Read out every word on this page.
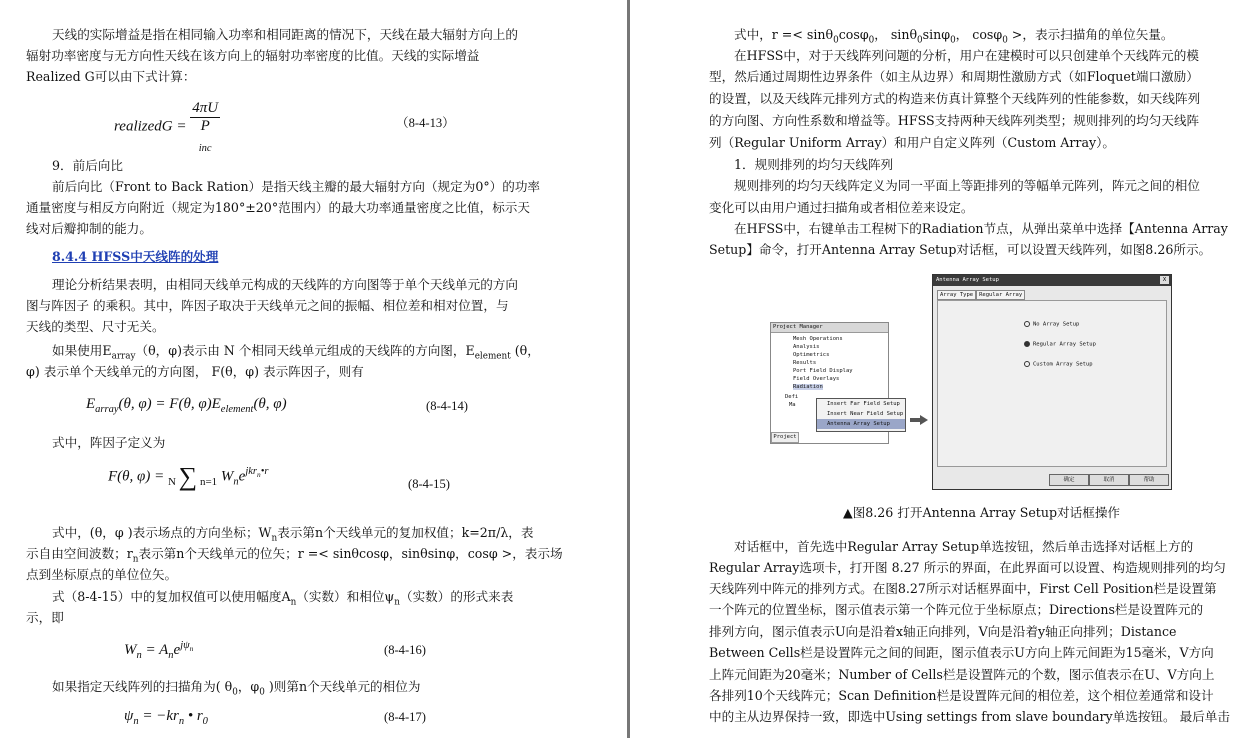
天线的实际增益是指在相同输入功率和相同距离的情况下，天线在最大辐射方向上的
辐射功率密度与无方向性天线在该方向上的辐射功率密度的比值。天线的实际增益
Realized G可以由下式计算：
realizedG = 4πU
P
$_{inc}$	（8-4-13）
9．前后向比
前后向比（Front to Back Ration）是指天线主瓣的最大辐射方向（规定为0°）的功率
通量密度与相反方向附近（规定为180°±20°范围内）的最大功率通量密度之比值，标示天
线对后瓣抑制的能力。
8.4.4 HFSS中天线阵的处理
理论分析结果表明，由相同天线单元构成的天线阵的方向图等于单个天线单元的方向
图与阵因子 的乘积。其中，阵因子取决于天线单元之间的振幅、相位差和相对位置，与
天线的类型、尺寸无关。
如果使用$E_{array}(\theta$，φ)表示由 N 个相同天线单元组成的天线阵的方向图，$E_{element}$ (θ，
φ) 表示单个天线单元的方向图， F(θ，φ) 表示阵因子，则有
$E_{array}(\theta$, φ) = F(θ, $\varphi)E_{element}(\theta$, φ)	(8-4-14)
式中，阵因子定义为
F(θ, φ) = N ∑ n=1 $W_ne^{jkr_n•r}$
(8-4-15)
式中，(θ，φ )表示场点的方向坐标；$W_n$表示第n个天线单元的复加权值；k=2π/λ，表
示自由空间波数；$r_n$表示第n个天线单元的位矢；r =< sinθcosφ，sinθsinφ，cosφ >，表示场
点到坐标原点的单位位矢。
式（8-4-15）中的复加权值可以使用幅度$A_n$（实数）和相位$\psi_n$（实数）的形式来表
示，即
$W_n = A_ne^{j\psi_n}$	(8-4-16)
如果指定天线阵列的扫描角为( $\theta_0$，$\varphi_0$ )则第n个天线单元的相位为
$\psi_n = -kr_n$ • $r_0$	(8-4-17)
式中，r =< sinθ$_0$cosφ$_0$， sinθ$_0$sinφ$_0$， cosφ$_0$ >，表示扫描角的单位矢量。
在HFSS中，对于天线阵列问题的分析，用户在建模时可以只创建单个天线阵元的模
型，然后通过周期性边界条件（如主从边界）和周期性激励方式（如Floquet端口激励）
的设置，以及天线阵元排列方式的构造来仿真计算整个天线阵列的性能参数，如天线阵列
的方向图、方向性系数和增益等。HFSS支持两种天线阵列类型；规则排列的均匀天线阵
列（Regular Uniform Array）和用户自定义阵列（Custom Array）。
1．规则排列的均匀天线阵列
规则排列的均匀天线阵定义为同一平面上等距排列的等幅单元阵列，阵元之间的相位
变化可以由用户通过扫描角或者相位差来设定。
在HFSS中，右键单击工程树下的Radiation节点，从弹出菜单中选择【Antenna Array
Setup】命令，打开Antenna Array Setup对话框，可以设置天线阵列，如图8.26所示。
Project Manager
Mesh Operations
Analysis
Optimetrics
Results
Port Field Display
Field Overlays
Radiation
Defi
Ma
Project
Insert Far Field Setup
Insert Near Field Setup
Antenna Array Setup
Antenna Array Setup	X
Array Type Regular Array
No Array Setup
Regular Array Setup
Custom Array Setup
确定	取消	帮助
▲图8.26 打开Antenna Array Setup对话框操作
对话框中，首先选中Regular Array Setup单选按钮，然后单击选择对话框上方的
Regular Array选项卡，打开图 8.27 所示的界面，在此界面可以设置、构造规则排列的均匀
天线阵列中阵元的排列方式。在图8.27所示对话框界面中，First Cell Position栏是设置第
一个阵元的位置坐标，图示值表示第一个阵元位于坐标原点；Directions栏是设置阵元的
排列方向，图示值表示U向是沿着x轴正向排列，V向是沿着y轴正向排列；Distance
Between Cells栏是设置阵元之间的间距，图示值表示U方向上阵元间距为15毫米，V方向
上阵元间距为20毫米；Number of Cells栏是设置阵元的个数，图示值表示在U、V方向上
各排列10个天线阵元；Scan Definition栏是设置阵元间的相位差，这个相位差通常和设计
中的主从边界保持一致，即选中Using settings from slave boundary单选按钮。 最后单击
